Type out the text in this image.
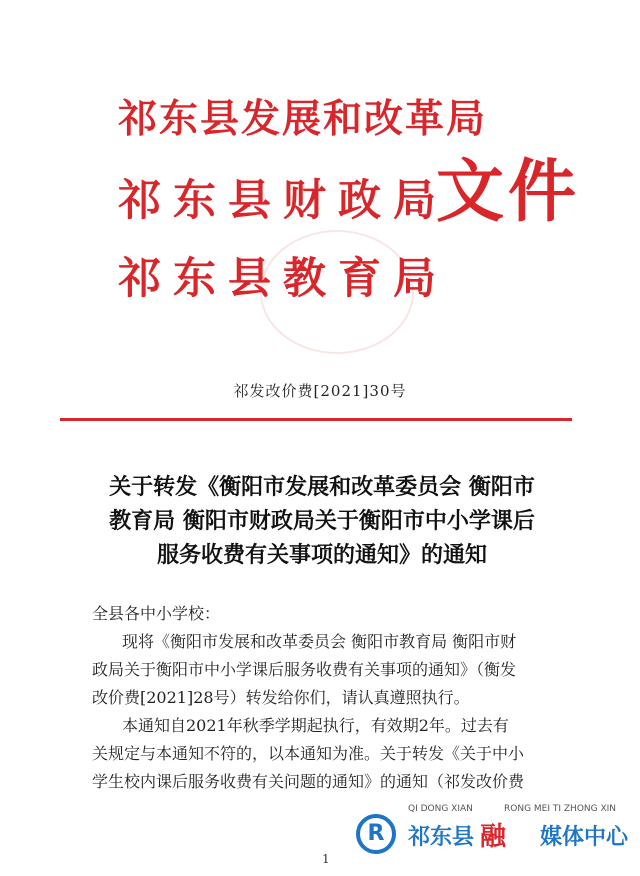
祁东县发展和改革局
祁东县财政局
祁东县教育局
文件
祁发改价费[2021]30号
关于转发《衡阳市发展和改革委员会 衡阳市
教育局 衡阳市财政局关于衡阳市中小学课后
服务收费有关事项的通知》的通知

全县各中小学校：

现将《衡阳市发展和改革委员会 衡阳市教育局 衡阳市财
政局关于衡阳市中小学课后服务收费有关事项的通知》（衡发
改价费[2021]28号）转发给你们，请认真遵照执行。

本通知自2021年秋季学期起执行，有效期2年。过去有
关规定与本通知不符的，以本通知为准。关于转发《关于中小
学生校内课后服务收费有关问题的通知》的通知（祁发改价费

1
R
QI DONG XIAN	RONG MEI TI ZHONG XIN
祁东县 融 媒体中心
